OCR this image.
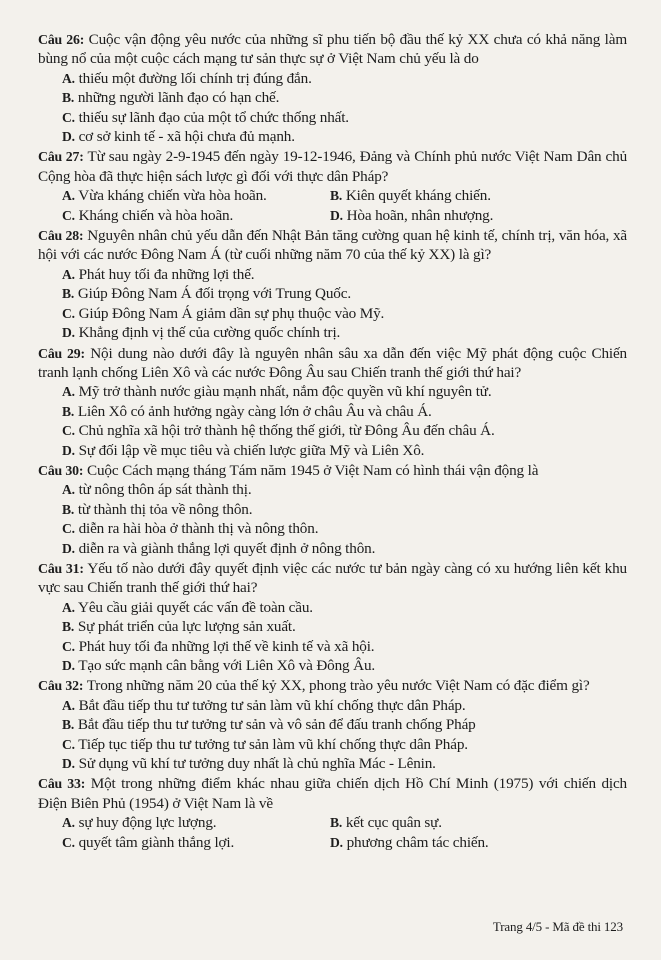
Câu 26: Cuộc vận động yêu nước của những sĩ phu tiến bộ đầu thế kỷ XX chưa có khả năng làm bùng nổ của một cuộc cách mạng tư sản thực sự ở Việt Nam chủ yếu là do
A. thiếu một đường lối chính trị đúng đắn.
B. những người lãnh đạo có hạn chế.
C. thiếu sự lãnh đạo của một tổ chức thống nhất.
D. cơ sở kinh tế - xã hội chưa đủ mạnh.
Câu 27: Từ sau ngày 2-9-1945 đến ngày 19-12-1946, Đảng và Chính phủ nước Việt Nam Dân chủ Cộng hòa đã thực hiện sách lược gì đối với thực dân Pháp?
A. Vừa kháng chiến vừa hòa hoãn.	B. Kiên quyết kháng chiến.
C. Kháng chiến và hòa hoãn.	D. Hòa hoãn, nhân nhượng.
Câu 28: Nguyên nhân chủ yếu dẫn đến Nhật Bản tăng cường quan hệ kinh tế, chính trị, văn hóa, xã hội với các nước Đông Nam Á (từ cuối những năm 70 của thế kỷ XX) là gì?
A. Phát huy tối đa những lợi thế.
B. Giúp Đông Nam Á đối trọng với Trung Quốc.
C. Giúp Đông Nam Á giảm dần sự phụ thuộc vào Mỹ.
D. Khẳng định vị thế của cường quốc chính trị.
Câu 29: Nội dung nào dưới đây là nguyên nhân sâu xa dẫn đến việc Mỹ phát động cuộc Chiến tranh lạnh chống Liên Xô và các nước Đông Âu sau Chiến tranh thế giới thứ hai?
A. Mỹ trở thành nước giàu mạnh nhất, nắm độc quyền vũ khí nguyên tử.
B. Liên Xô có ảnh hưởng ngày càng lớn ở châu Âu và châu Á.
C. Chủ nghĩa xã hội trở thành hệ thống thế giới, từ Đông Âu đến châu Á.
D. Sự đối lập về mục tiêu và chiến lược giữa Mỹ và Liên Xô.
Câu 30: Cuộc Cách mạng tháng Tám năm 1945 ở Việt Nam có hình thái vận động là
A. từ nông thôn áp sát thành thị.
B. từ thành thị tỏa về nông thôn.
C. diễn ra hài hòa ở thành thị và nông thôn.
D. diễn ra và giành thắng lợi quyết định ở nông thôn.
Câu 31: Yếu tố nào dưới đây quyết định việc các nước tư bản ngày càng có xu hướng liên kết khu vực sau Chiến tranh thế giới thứ hai?
A. Yêu cầu giải quyết các vấn đề toàn cầu.
B. Sự phát triển của lực lượng sản xuất.
C. Phát huy tối đa những lợi thế về kinh tế và xã hội.
D. Tạo sức mạnh cân bằng với Liên Xô và Đông Âu.
Câu 32: Trong những năm 20 của thế kỷ XX, phong trào yêu nước Việt Nam có đặc điểm gì?
A. Bắt đầu tiếp thu tư tưởng tư sản làm vũ khí chống thực dân Pháp.
B. Bắt đầu tiếp thu tư tưởng tư sản và vô sản để đấu tranh chống Pháp
C. Tiếp tục tiếp thu tư tưởng tư sản làm vũ khí chống thực dân Pháp.
D. Sử dụng vũ khí tư tưởng duy nhất là chủ nghĩa Mác - Lênin.
Câu 33: Một trong những điểm khác nhau giữa chiến dịch Hồ Chí Minh (1975) với chiến dịch Điện Biên Phủ (1954) ở Việt Nam là về
A. sự huy động lực lượng.	B. kết cục quân sự.
C. quyết tâm giành thắng lợi.	D. phương châm tác chiến.
Trang 4/5 - Mã đề thi 123
